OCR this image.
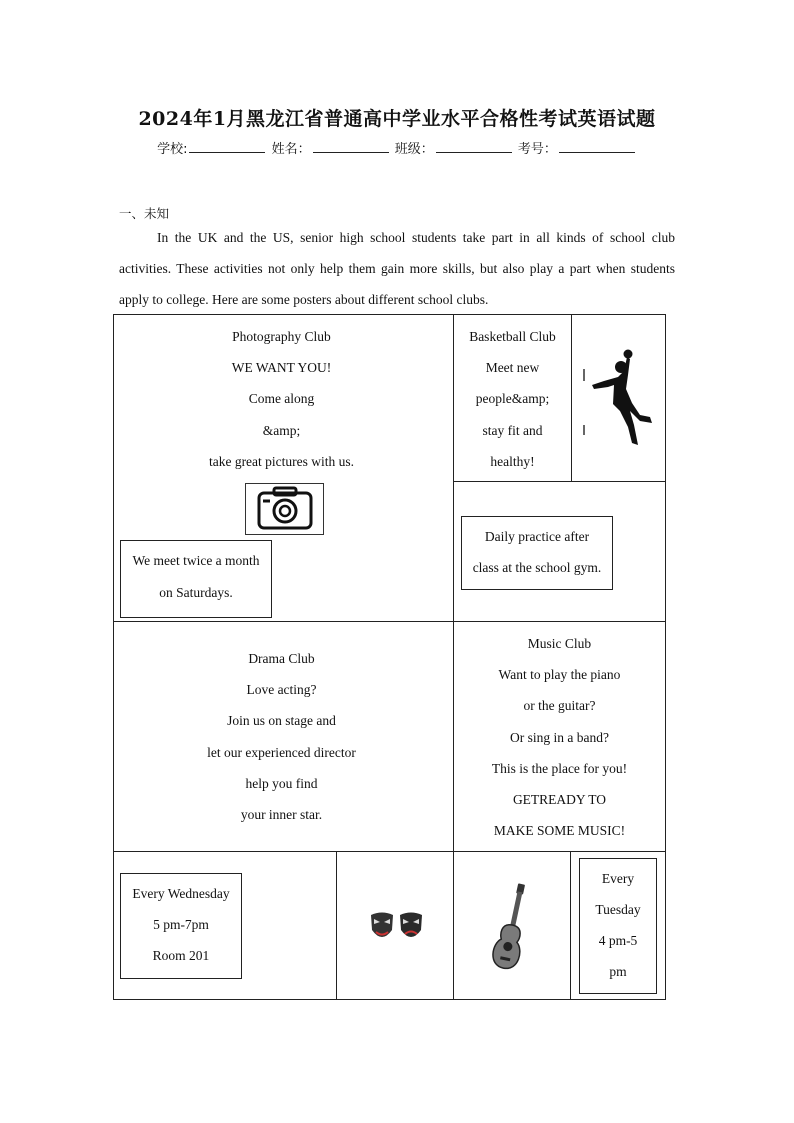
2024年1月黑龙江省普通高中学业水平合格性考试英语试题
学校:	姓名：	班级：	考号：
一、未知

In the UK and the US, senior high school students take part in all kinds of school club activities. These activities not only help them gain more skills, but also play a part when students apply to college. Here are some posters about different school clubs.

Photography Club
WE WANT YOU!
Come along
&amp;
take great pictures with us.
We meet twice a month
on Saturdays.
Basketball Club
Meet new
people&amp;
stay fit and
healthy!
Daily practice after
class at the school gym.
Drama Club
Love acting?
Join us on stage and
let our experienced director
help you find
your inner star.
Every Wednesday
5 pm-7pm
Room 201
Music Club
Want to play the piano
or the guitar?
Or sing in a band?
This is the place for you!
GETREADY TO
MAKE SOME MUSIC!
Every
Tuesday
4 pm-5
pm
